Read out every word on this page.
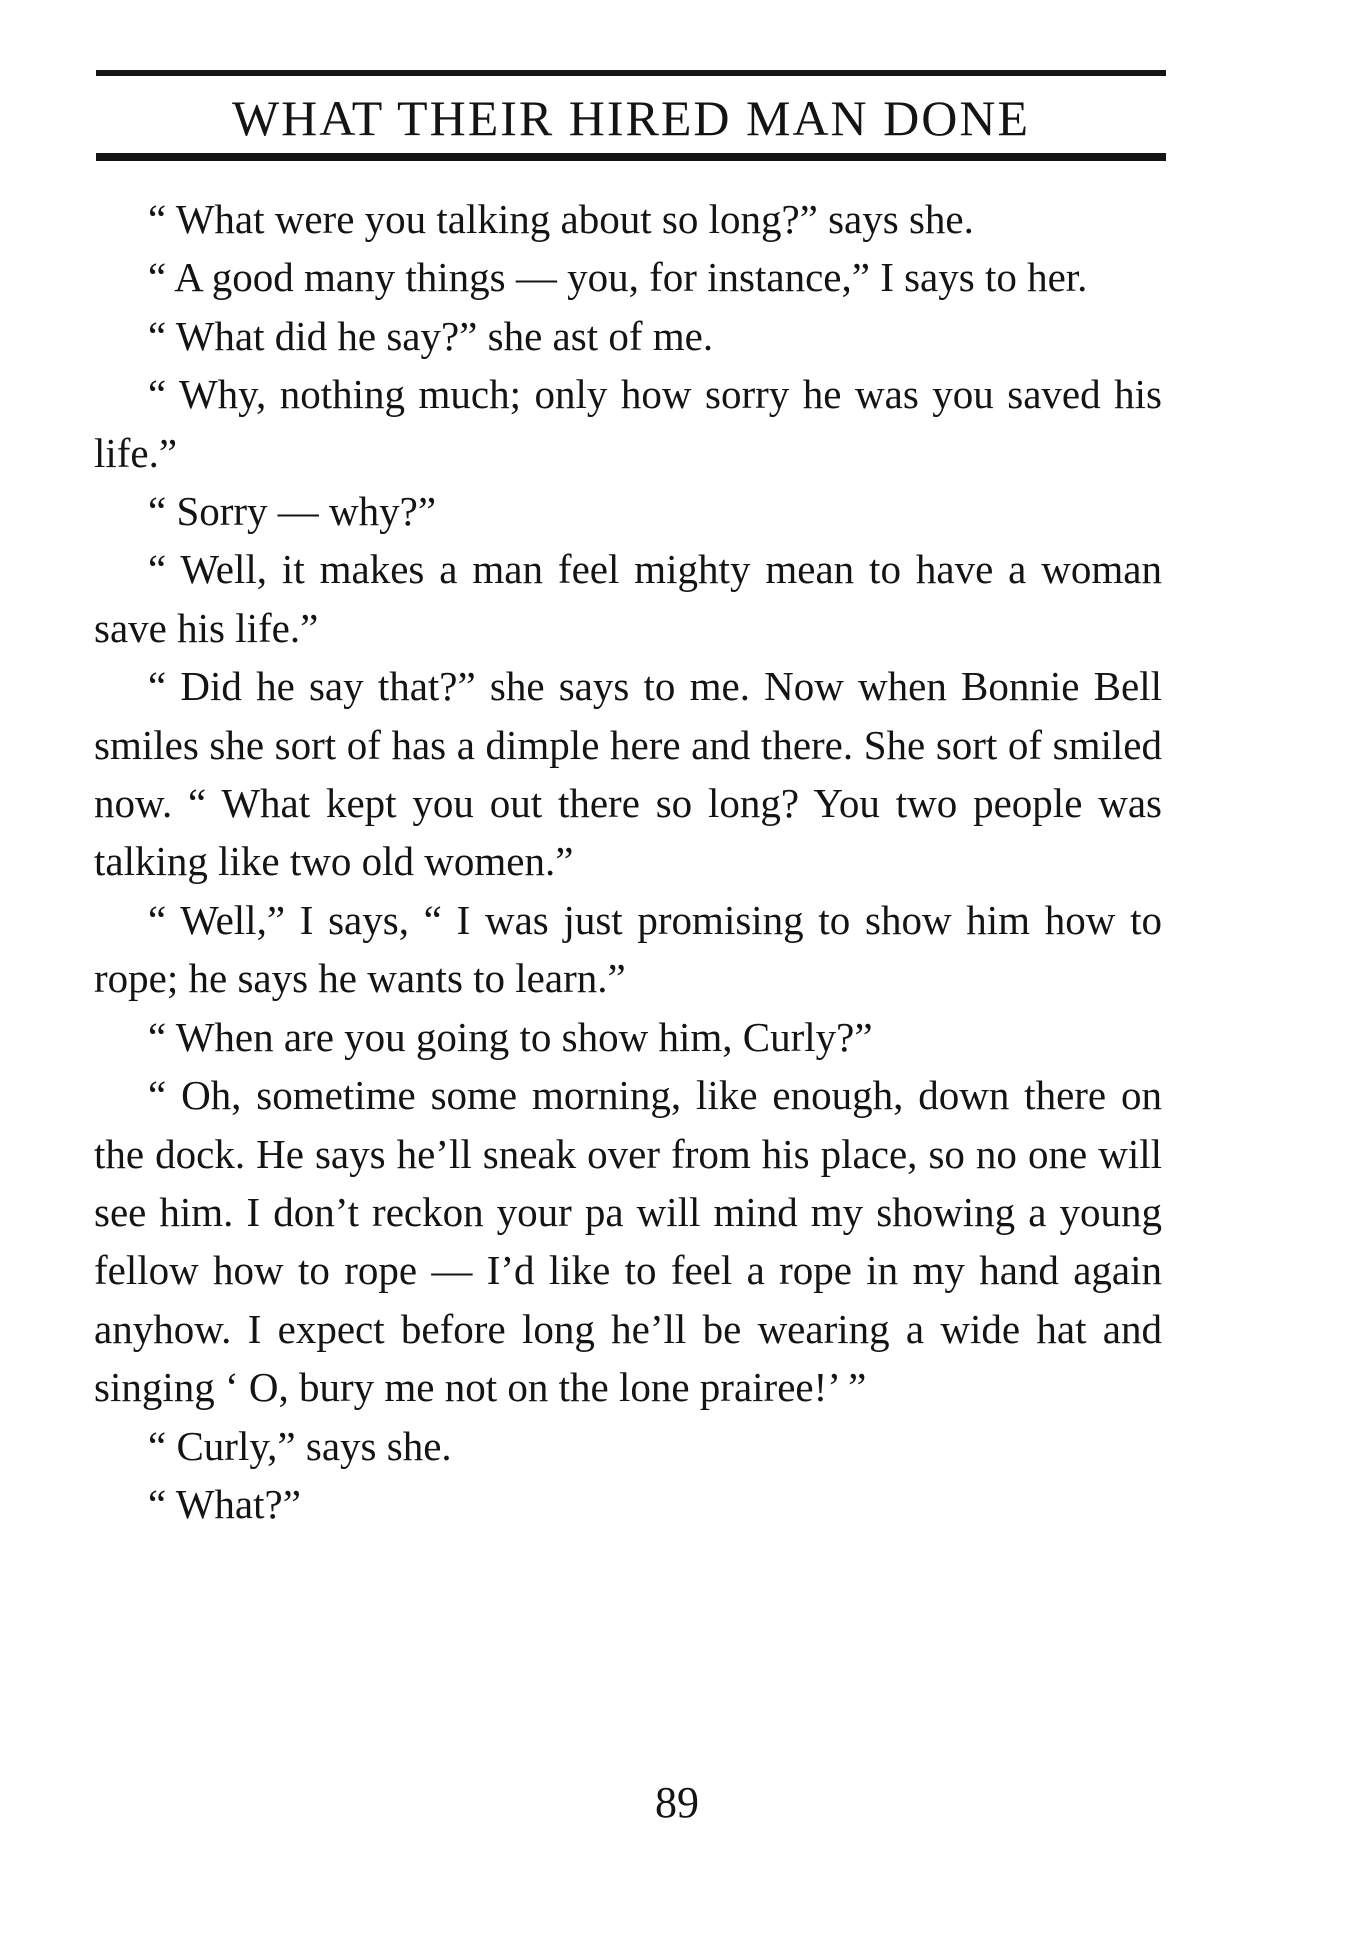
WHAT THEIR HIRED MAN DONE

“ What were you talking about so long?” says she.

“ A good many things — you, for instance,” I says to her.

“ What did he say?” she ast of me.

“ Why, nothing much; only how sorry he was you saved his life.”

“ Sorry — why?”

“ Well, it makes a man feel mighty mean to have a woman save his life.”

“ Did he say that?” she says to me. Now when Bonnie Bell smiles she sort of has a dimple here and there. She sort of smiled now. “ What kept you out there so long? You two people was talking like two old women.”

“ Well,” I says, “ I was just promising to show him how to rope; he says he wants to learn.”

“ When are you going to show him, Curly?”

“ Oh, sometime some morning, like enough, down there on the dock. He says he’ll sneak over from his place, so no one will see him. I don’t reckon your pa will mind my showing a young fellow how to rope — I’d like to feel a rope in my hand again anyhow. I expect before long he’ll be wearing a wide hat and singing ‘ O, bury me not on the lone prairee!’ ”

“ Curly,” says she.

“ What?”

89
